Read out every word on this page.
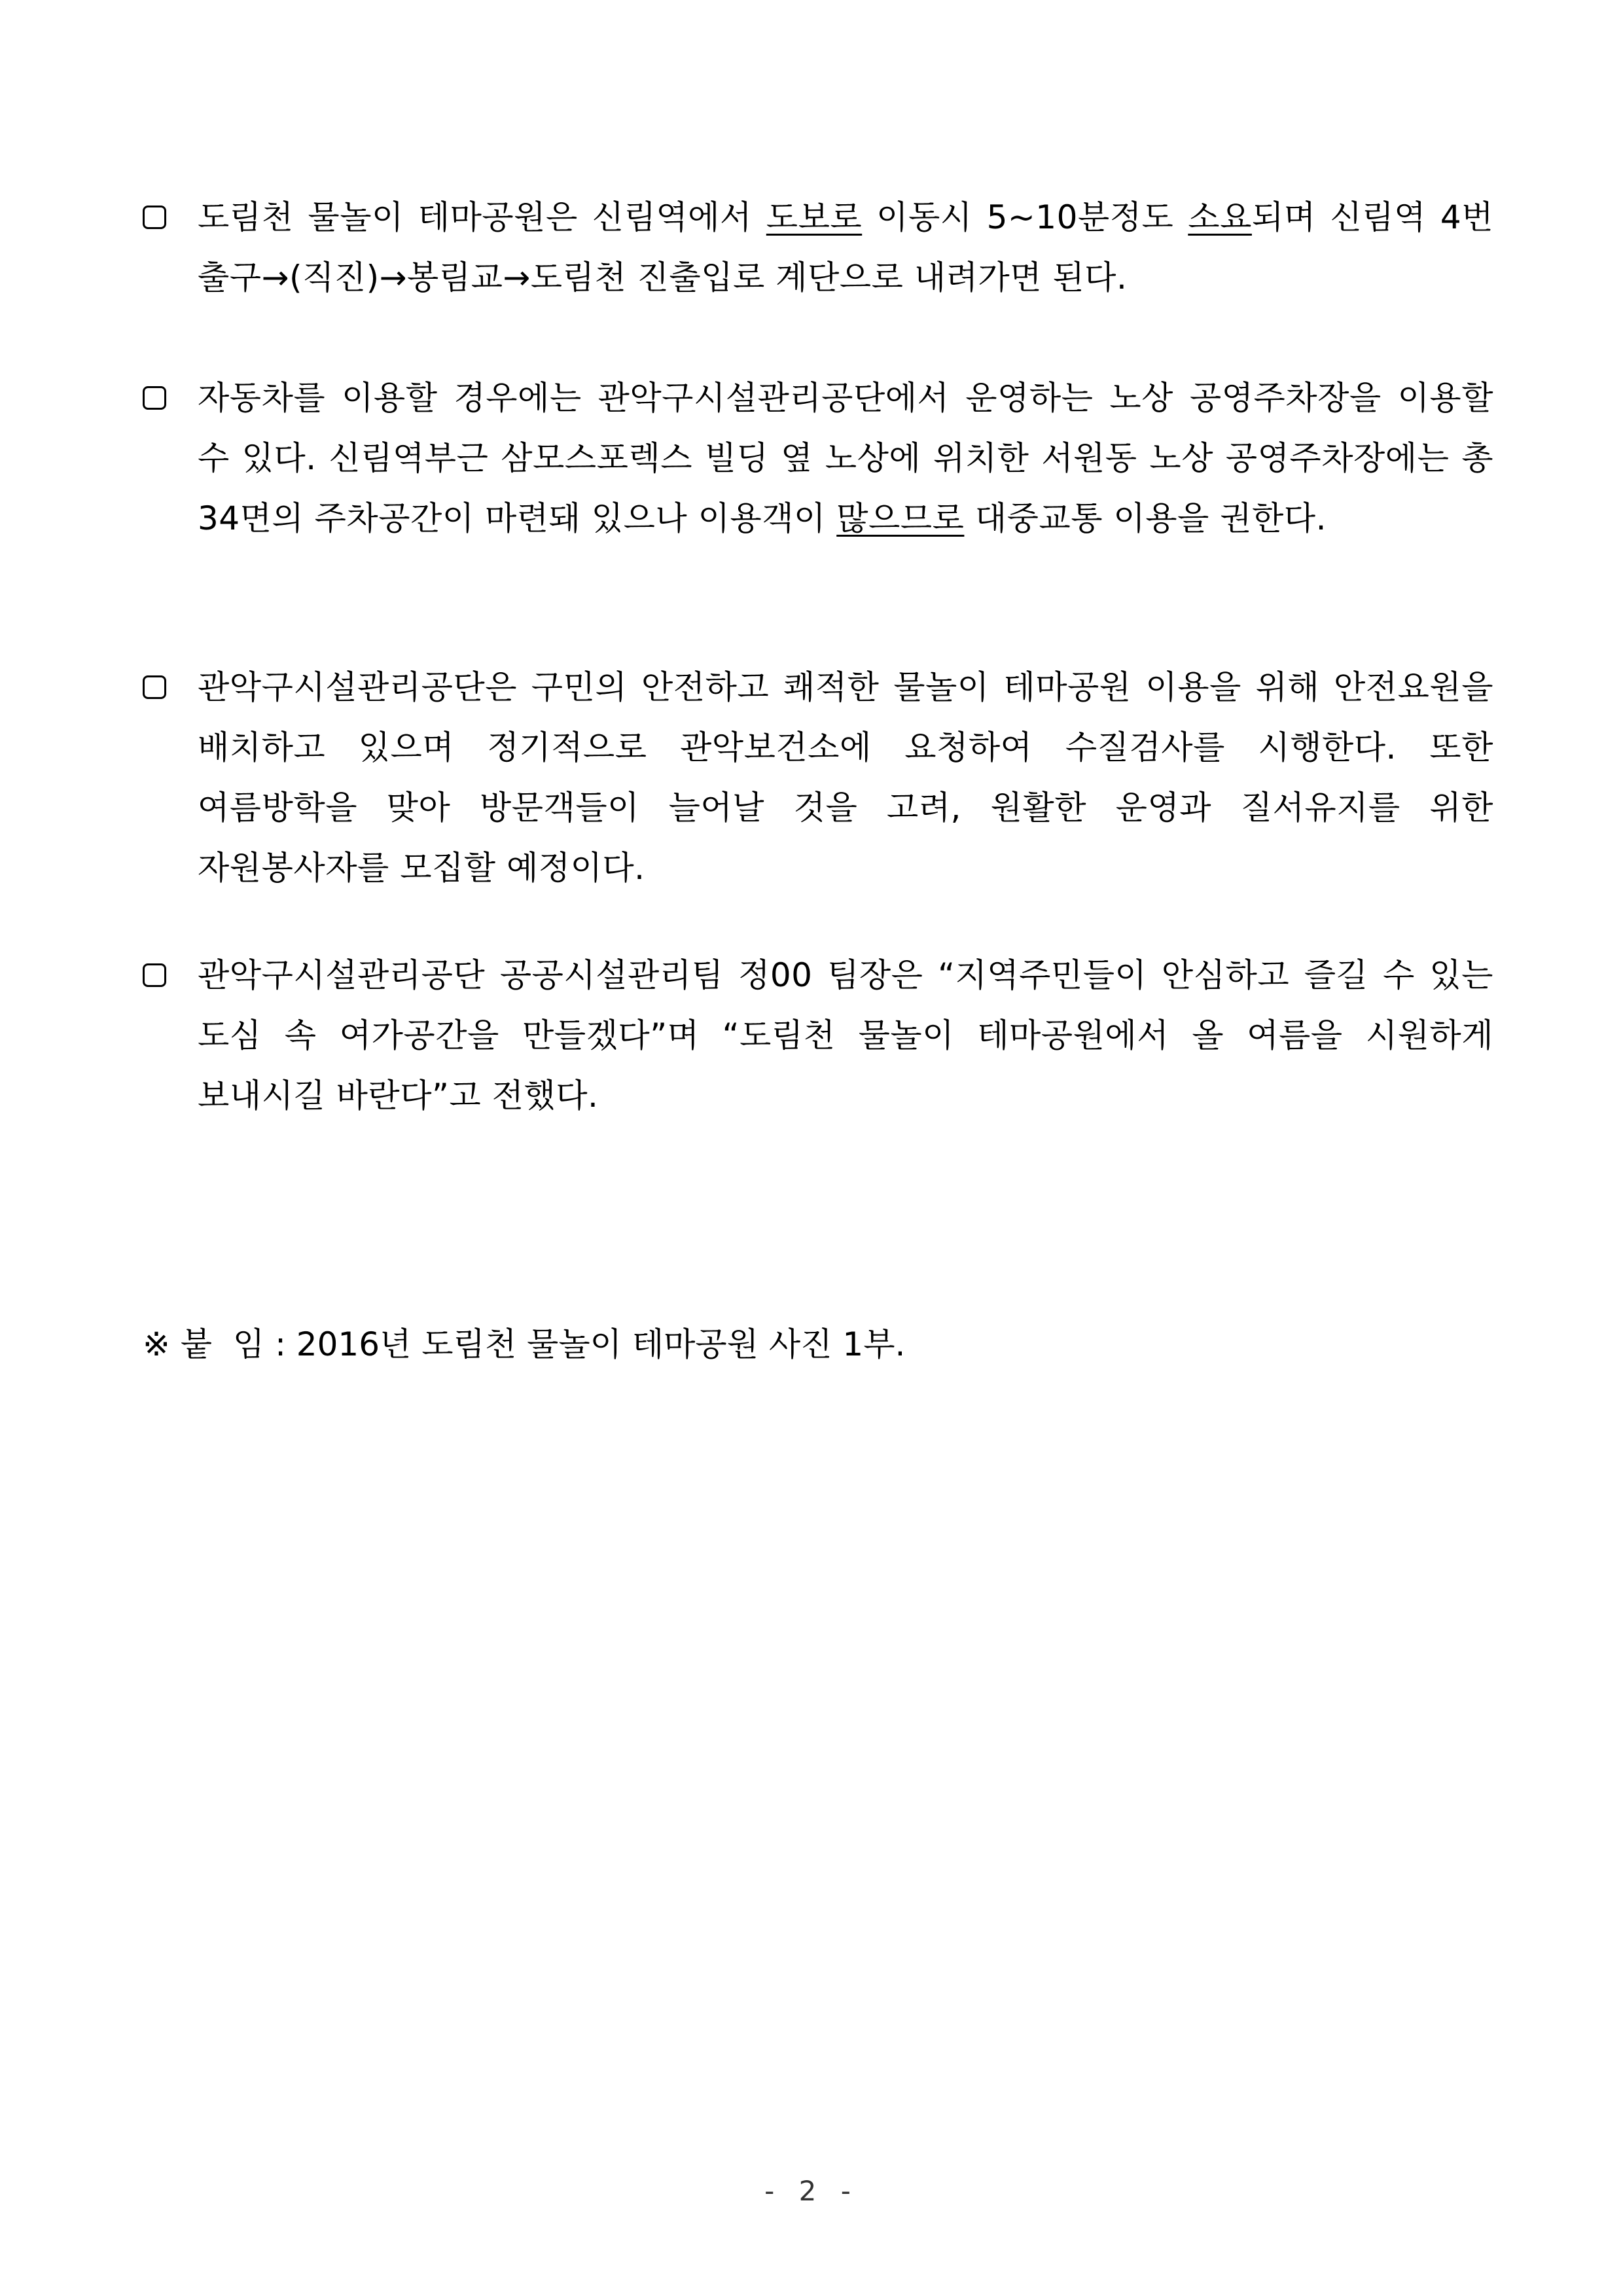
도림천 물놀이 테마공원은 신림역에서 도보로 이동시 5~10분정도 소요되며 신림역 4번 출구→(직진)→봉림교→도림천 진출입로 계단으로 내려가면 된다.
자동차를 이용할 경우에는 관악구시설관리공단에서 운영하는 노상 공영주차장을 이용할 수 있다. 신림역부근 삼모스포렉스 빌딩 옆 노상에 위치한 서원동 노상 공영주차장에는 총 34면의 주차공간이 마련돼 있으나 이용객이 많으므로 대중교통 이용을 권한다.
관악구시설관리공단은 구민의 안전하고 쾌적한 물놀이 테마공원 이용을 위해 안전요원을 배치하고 있으며 정기적으로 관악보건소에 요청하여 수질검사를 시행한다. 또한 여름방학을 맞아 방문객들이 늘어날 것을 고려, 원활한 운영과 질서유지를 위한 자원봉사자를 모집할 예정이다.
관악구시설관리공단 공공시설관리팀 정00 팀장은 “지역주민들이 안심하고 즐길 수 있는 도심 속 여가공간을 만들겠다”며 “도림천 물놀이 테마공원에서 올 여름을 시원하게 보내시길 바란다”고 전했다.
※ 붙  임 : 2016년 도림천 물놀이 테마공원 사진 1부.
- 2 -
